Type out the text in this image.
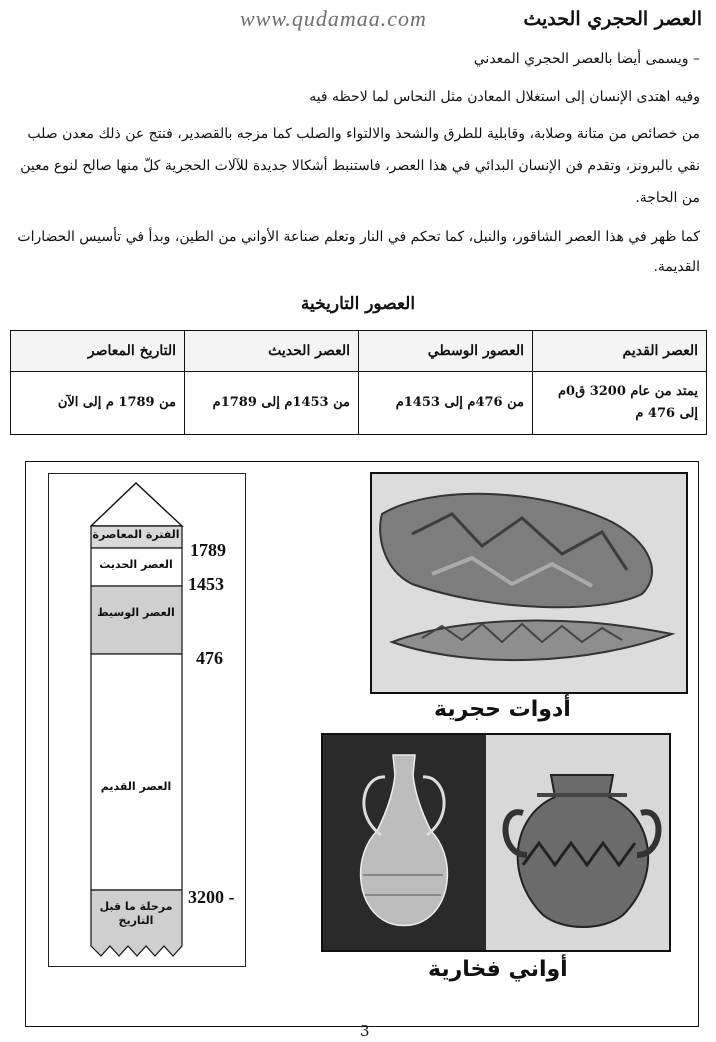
www.qudamaa.com	العصر الحجري الحديث
– ويسمى أيضا بالعصر الحجري المعدني
وفيه اهتدى الإنسان إلى استغلال المعادن مثل النحاس لما لاحظه فيه
من خصائص من متانة وصلابة، وقابلية للطرق والشحذ والالتواء والصلب كما مزجه بالقصدير، فنتج عن ذلك معدن صلب نقي بالبرونز، وتقدم فن الإنسان البدائي في هذا العصر، فاستنبط أشكالا جديدة للآلات الحجرية كلّ منها صالح لنوع معين من الحاجة.
كما ظهر في هذا العصر الشاقور، والنبل، كما تحكم في النار وتعلم صناعة الأواني من الطين، وبدأ في تأسيس الحضارات القديمة.
العصور التاريخية
العصر القديم	العصور الوسطي	العصر الحديث	التاريخ المعاصر
يمتد من عام 3200 ق0م إلى 476 م	من 476م إلى 1453م	من 1453م إلى 1789م	من 1789 م إلى الآن
الفترة المعاصرة
العصر الحديث
العصر الوسيط
العصر القديم
مرحلة ما قبل التاريخ
1789
1453
476
3200 -
أدوات حجرية
أواني فخارية
3
